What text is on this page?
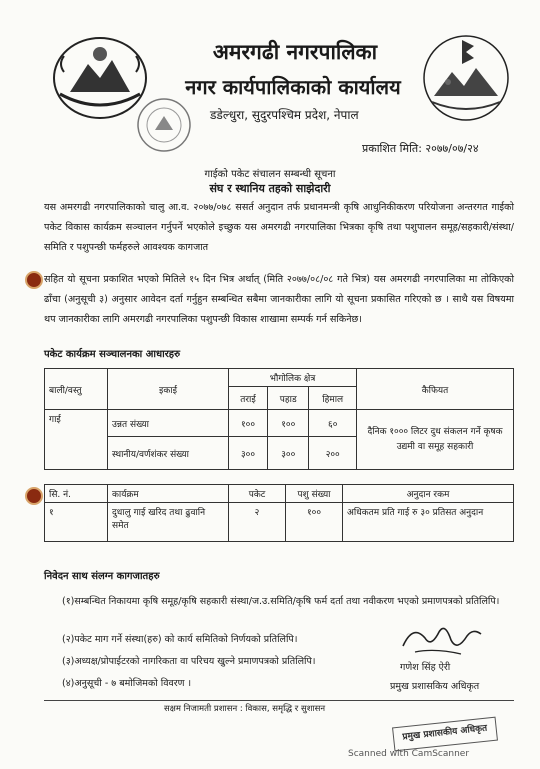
अमरगढी नगरपालिका
नगर कार्यपालिकाको कार्यालय
डडेल्धुरा, सुदुरपश्चिम प्रदेश, नेपाल
प्रकाशित मिति: २०७७/०७/२४
गाईको पकेट संचालन सम्बन्धी सूचना
संघ र स्थानिय तहको साझेदारी
यस अमरगढी नगरपालिकाको चालु आ.व. २०७७/०७८ ससर्त अनुदान तर्फ प्रधानमन्त्री कृषि आधुनिकीकरण परियोजना अन्तरगत गाईको पकेट विकास कार्यक्रम सञ्चालन गर्नुपर्ने भएकोले इच्छुक यस अमरगढी नगरपालिका भित्रका कृषि तथा पशुपालन समूह/सहकारी/संस्था/समिति र पशुपन्छी फर्महरुले आवश्यक कागजात
सहित यो सूचना प्रकाशित भएको मितिले १५ दिन भित्र अर्थात् (मिति २०७७/०८/०८ गते भित्र) यस अमरगढी नगरपालिका मा तोकिएको ढाँचा (अनुसूची ३) अनुसार आवेदन दर्ता गर्नुहुन सम्बन्धित सबैमा जानकारीका लागि यो सूचना प्रकासित गरिएको छ । साथै यस विषयमा थप जानकारीका लागि अमरगढी नगरपालिका पशुपन्छी विकास शाखामा सम्पर्क गर्न सकिनेछ।
पकेट कार्यक्रम सञ्चालनका आधारहरु
बाली/वस्तु	इकाई	भौगोलिक क्षेत्र			कैफियत
		तराई	पहाड	हिमाल	
गाई	उन्नत संख्या	१००	१००	६०	दैनिक १००० लिटर दुध संकलन गर्ने कृषक उद्यमी वा समूह सहकारी
	स्थानीय/वर्णशंकर संख्या	३००	३००	२००	
सि. नं.	कार्यक्रम	पकेट	पशु संख्या	अनुदान रकम
१	दुधालु गाई खरिद तथा ढुवानि समेत	२	१००	अधिकतम प्रति गाई रु ३० प्रतिसत अनुदान
निवेदन साथ संलग्न कागजातहरु
(१)सम्बन्धित निकायमा कृषि समूह/कृषि सहकारी संस्था/ज.उ.समिति/कृषि फर्म दर्ता तथा नवीकरण भएको प्रमाणपत्रको प्रतिलिपि।
(२)पकेट माग गर्ने संस्था(हरु) को कार्य समितिको निर्णयको प्रतिलिपि।
(३)अध्यक्ष/प्रोपाईटरको नागरिकता वा परिचय खुल्ने प्रमाणपत्रको प्रतिलिपि।
(४)अनुसूची - ७ बमोजिमको विवरण ।
गणेश सिंह ऐरी
प्रमुख प्रशासकिय अधिकृत
सक्षम निजामती प्रशासन : विकास, समृद्धि र सुशासन
प्रमुख प्रशासकीय अधिकृत
Scanned with CamScanner
